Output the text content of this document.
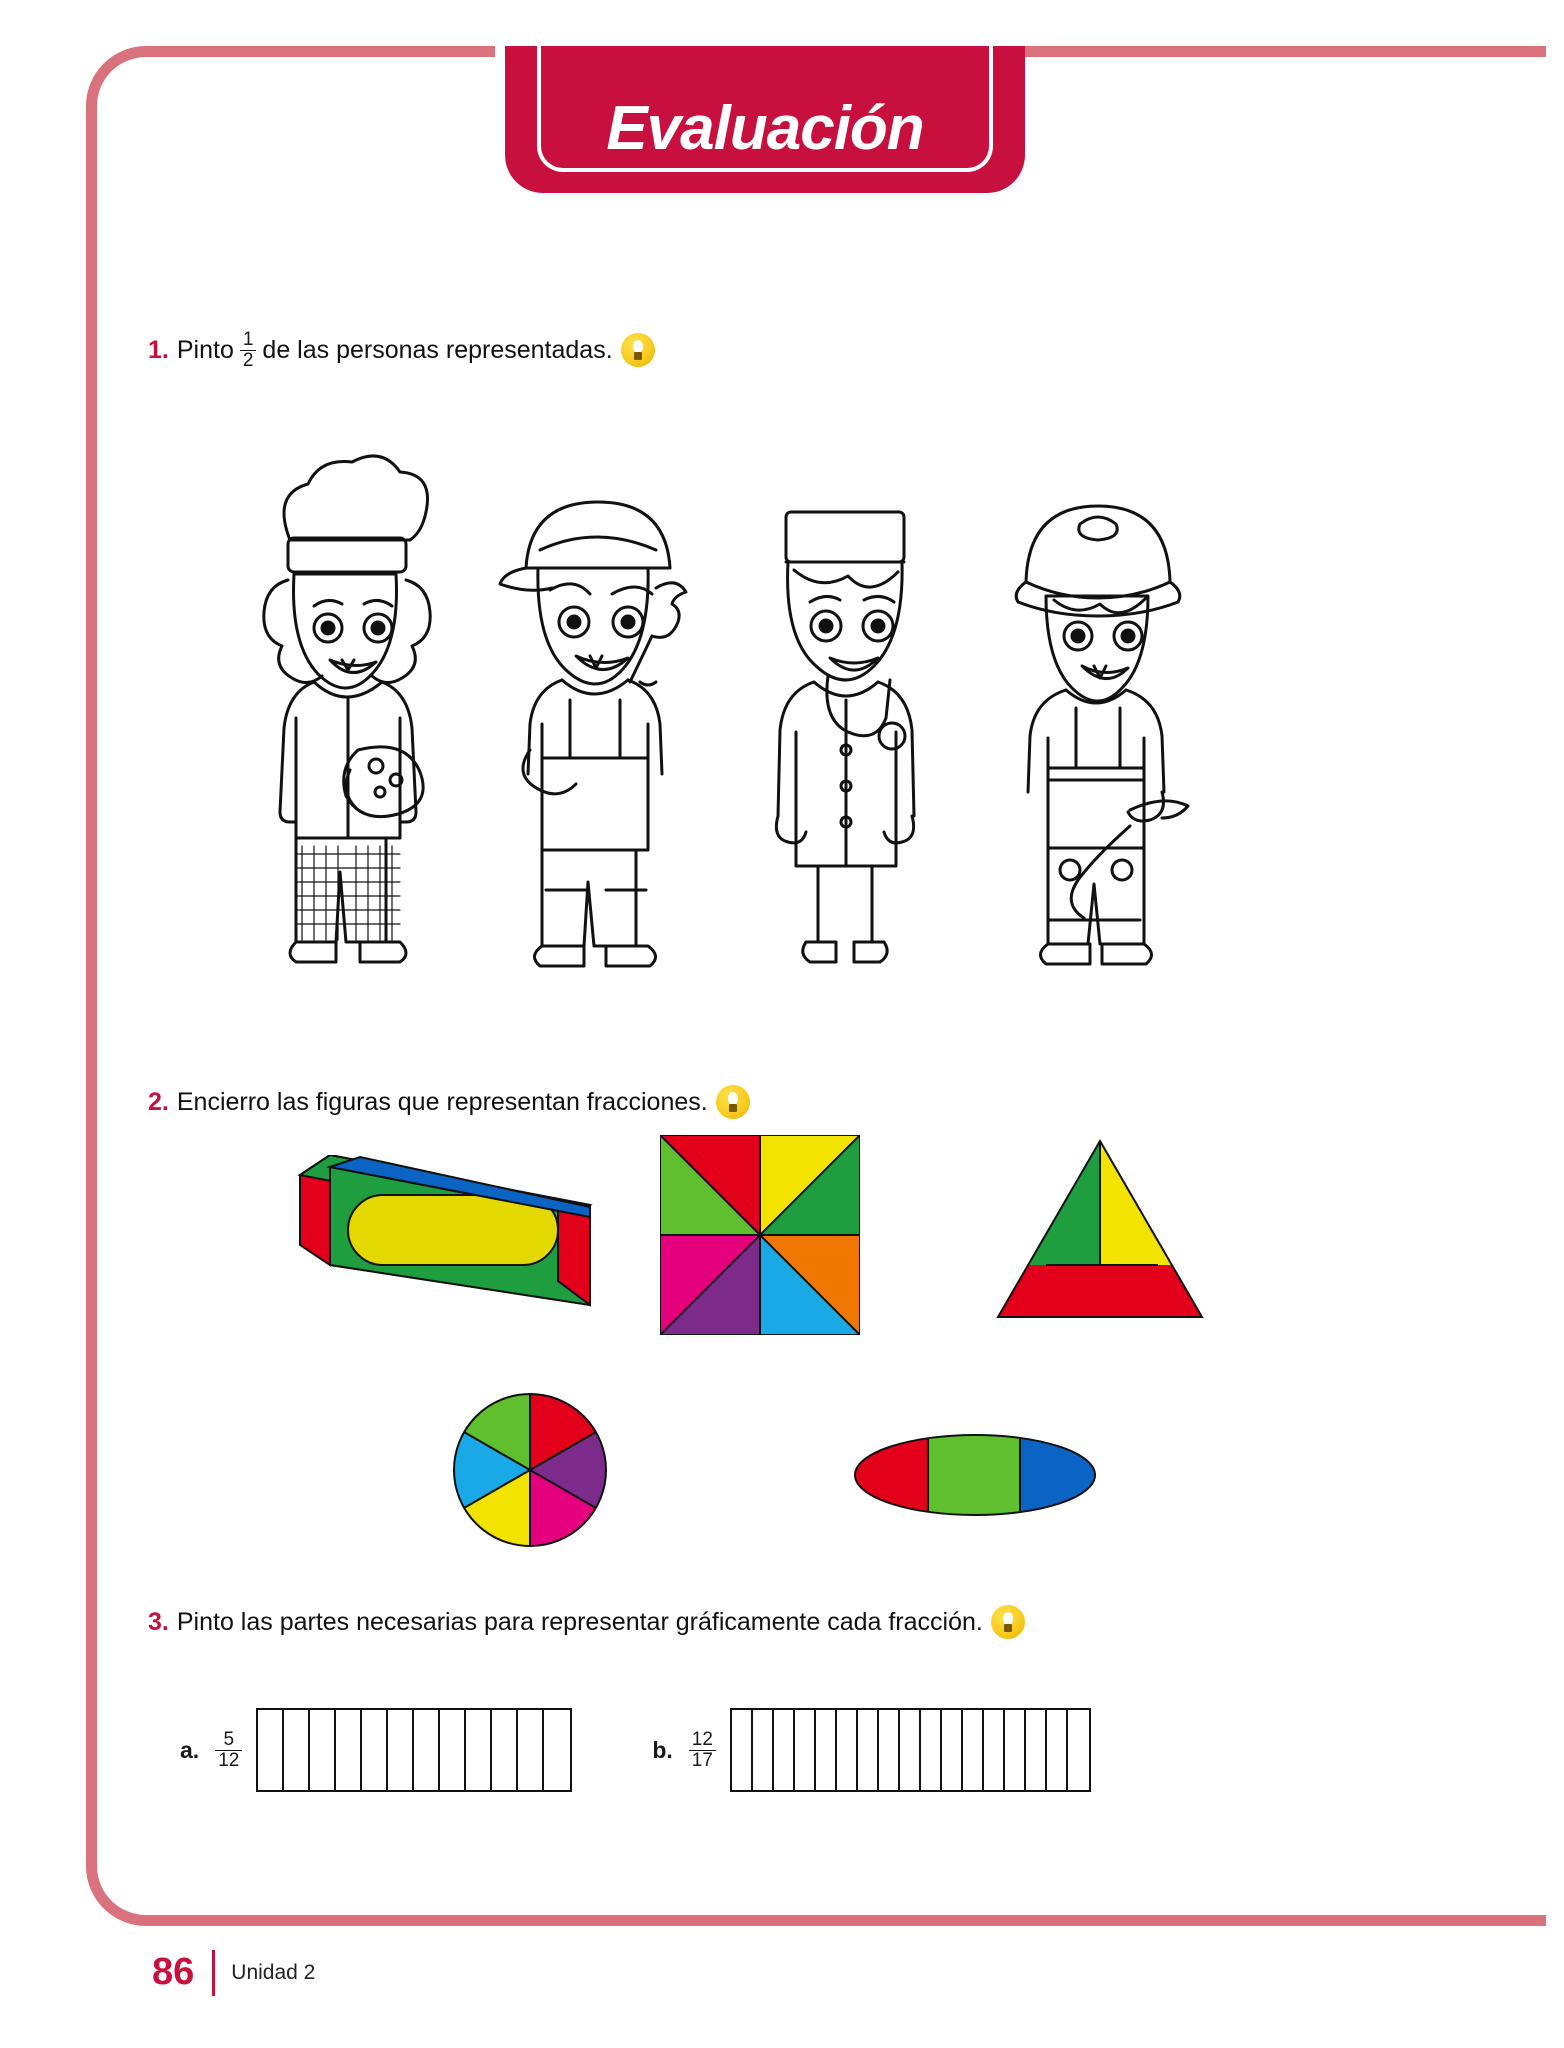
Evaluación
1. Pinto $\frac{1}{2}$ de las personas representadas.
2. Encierro las figuras que representan fracciones.
3. Pinto las partes necesarias para representar gráficamente cada fracción.
a. $\frac{5}{12}$	b. $\frac{12}{17}$
86	Unidad 2
